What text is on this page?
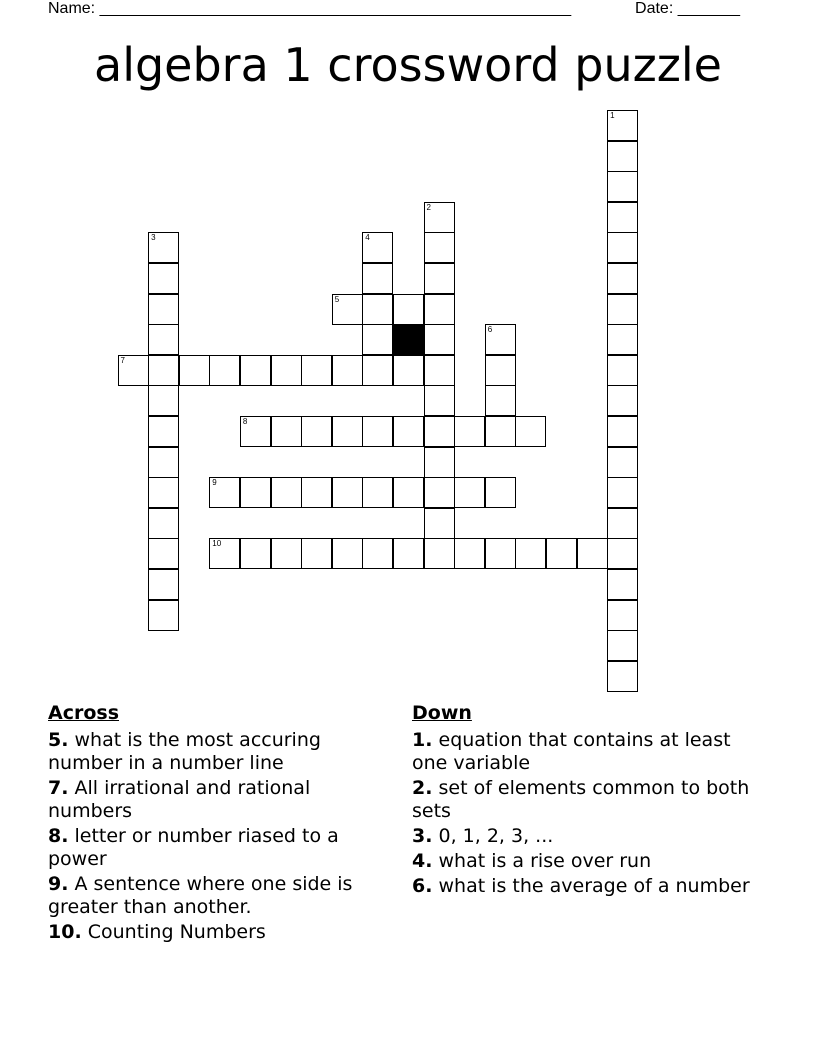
Name: _____________________________________________________	Date: _______
algebra 1 crossword puzzle
1
2
3	4
6
5
7
8
9
10
Across
5. what is the most accuring number in a number line
7. All irrational and rational numbers
8. letter or number riased to a power
9. A sentence where one side is greater than another.
10. Counting Numbers
Down
1. equation that contains at least one variable
2. set of elements common to both sets
3. 0, 1, 2, 3, ...
4. what is a rise over run
6. what is the average of a number
